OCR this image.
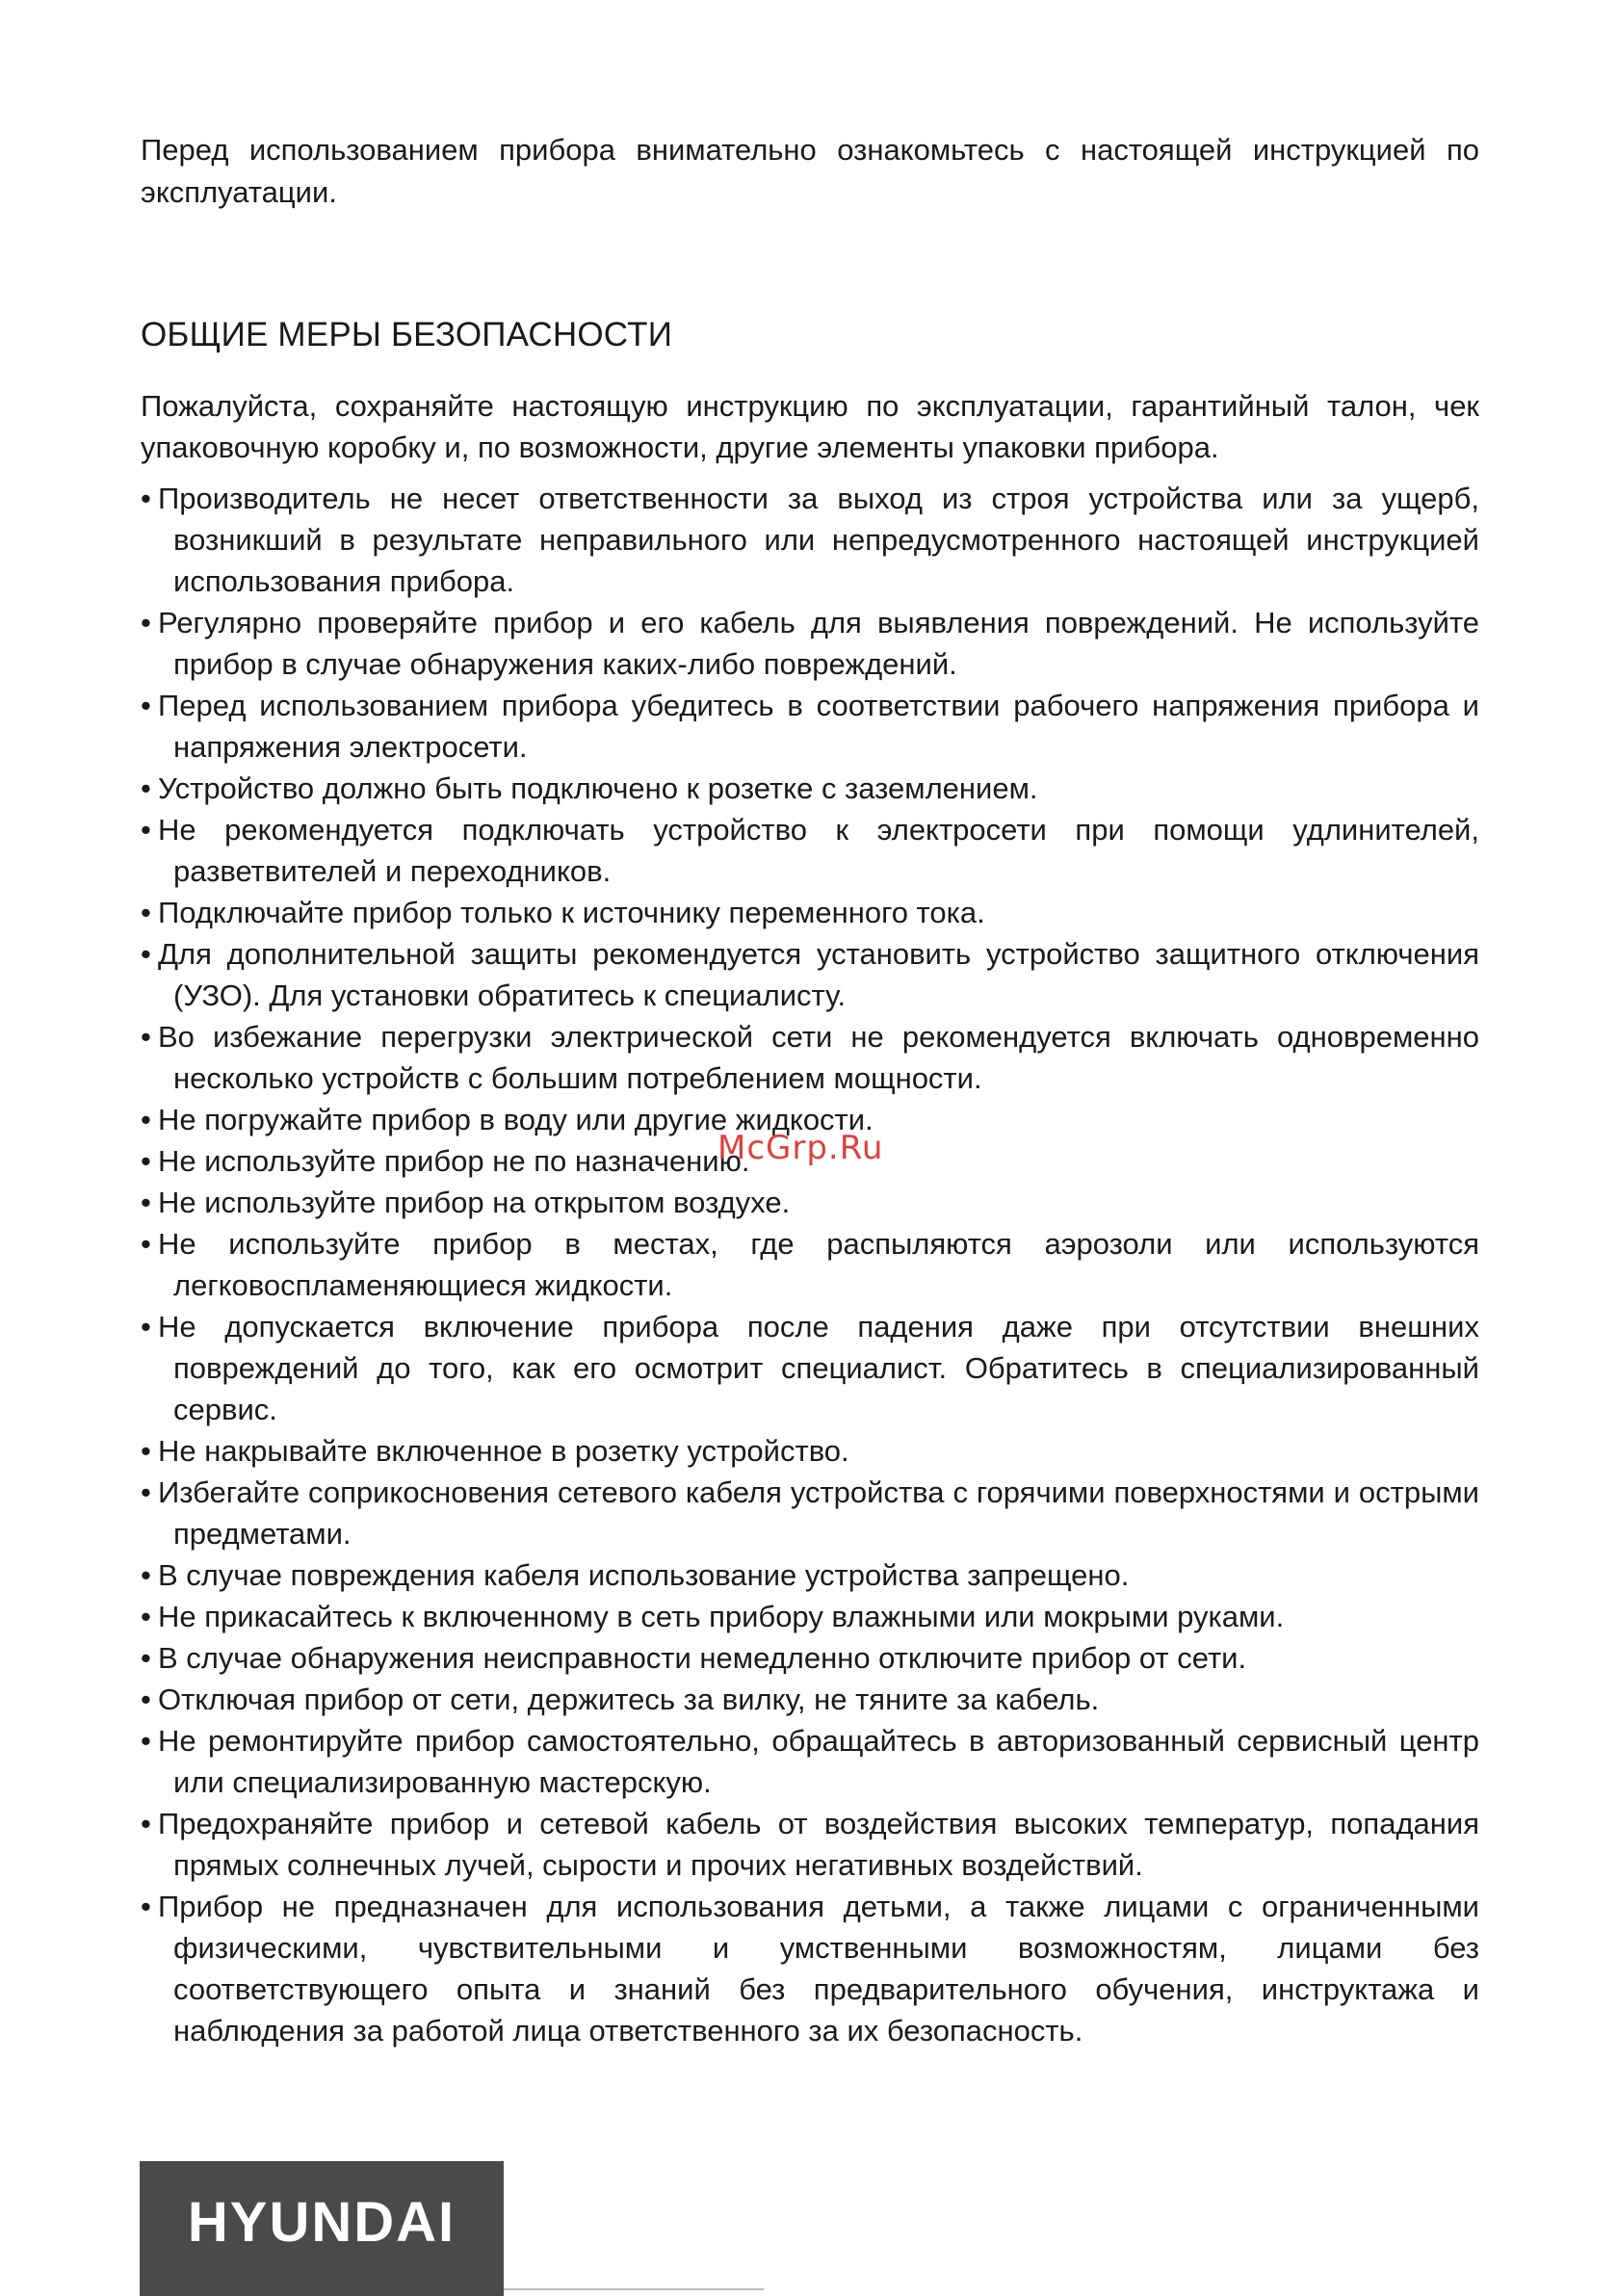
Перед использованием прибора внимательно ознакомьтесь с настоящей инструкцией по эксплуатации.

ОБЩИЕ МЕРЫ БЕЗОПАСНОСТИ

Пожалуйста, сохраняйте настоящую инструкцию по эксплуатации, гарантийный талон, чек упаковочную коробку и, по возможности, другие элементы упаковки прибора.

• Производитель не несет ответственности за выход из строя устройства или за ущерб, возникший в результате неправильного или непредусмотренного настоящей инструкцией использования прибора.
• Регулярно проверяйте прибор и его кабель для выявления повреждений. Не используйте прибор в случае обнаружения каких-либо повреждений.
• Перед использованием прибора убедитесь в соответствии рабочего напряжения прибора и напряжения электросети.
• Устройство должно быть подключено к розетке с заземлением.
• Не рекомендуется подключать устройство к электросети при помощи удлинителей, разветвителей и переходников.
• Подключайте прибор только к источнику переменного тока.
• Для дополнительной защиты рекомендуется установить устройство защитного отключения (УЗО). Для установки обратитесь к специалисту.
• Во избежание перегрузки электрической сети не рекомендуется включать одновременно несколько устройств с большим потреблением мощности.
• Не погружайте прибор в воду или другие жидкости.
• Не используйте прибор не по назначению.
• Не используйте прибор на открытом воздухе.
• Не используйте прибор в местах, где распыляются аэрозоли или используются легковоспламеняющиеся жидкости.
• Не допускается включение прибора после падения даже при отсутствии внешних повреждений до того, как его осмотрит специалист. Обратитесь в специализированный сервис.
• Не накрывайте включенное в розетку устройство.
• Избегайте соприкосновения сетевого кабеля устройства с горячими поверхностями и острыми предметами.
• В случае повреждения кабеля использование устройства запрещено.
• Не прикасайтесь к включенному в сеть прибору влажными или мокрыми руками.
• В случае обнаружения неисправности немедленно отключите прибор от сети.
• Отключая прибор от сети, держитесь за вилку, не тяните за кабель.
• Не ремонтируйте прибор самостоятельно, обращайтесь в авторизованный сервисный центр или специализированную мастерскую.
• Предохраняйте прибор и сетевой кабель от воздействия высоких температур, попадания прямых солнечных лучей, сырости и прочих негативных воздействий.
• Прибор не предназначен для использования детьми, а также лицами с ограниченными физическими, чувствительными и умственными возможностям, лицами без соответствующего опыта и знаний без предварительного обучения, инструктажа и наблюдения за работой лица ответственного за их безопасность.
McGrp.Ru
HYUNDAI
